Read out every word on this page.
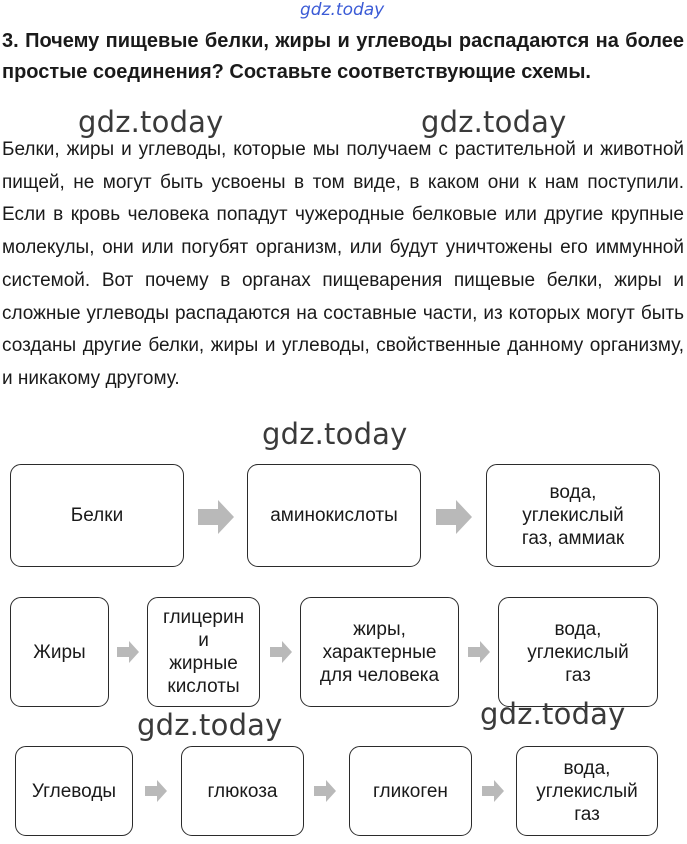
gdz.today
gdz.today	gdz.today

3. Почему пищевые белки, жиры и углеводы распадаются на более простые соединения? Составьте соответствующие схемы.

Белки, жиры и углеводы, которые мы получаем с растительной и животной пищей, не могут быть усвоены в том виде, в каком они к нам поступили. Если в кровь человека попадут чужеродные белковые или другие крупные молекулы, они или погубят организм, или будут уничтожены его иммунной системой. Вот почему в органах пищеварения пищевые белки, жиры и сложные углеводы распадаются на составные части, из которых могут быть созданы другие белки, жиры и углеводы, свойственные данному организму, и никакому другому.

gdz.today
Белки	аминокислоты
вода,
углекислый
газ, аммиак
Жиры
глицерин
и
жирные
кислоты
жиры,
характерные
для человека
вода,
углекислый
газ
gdz.today	gdz.today
Углеводы	глюкоза	гликоген
вода,
углекислый
газ
